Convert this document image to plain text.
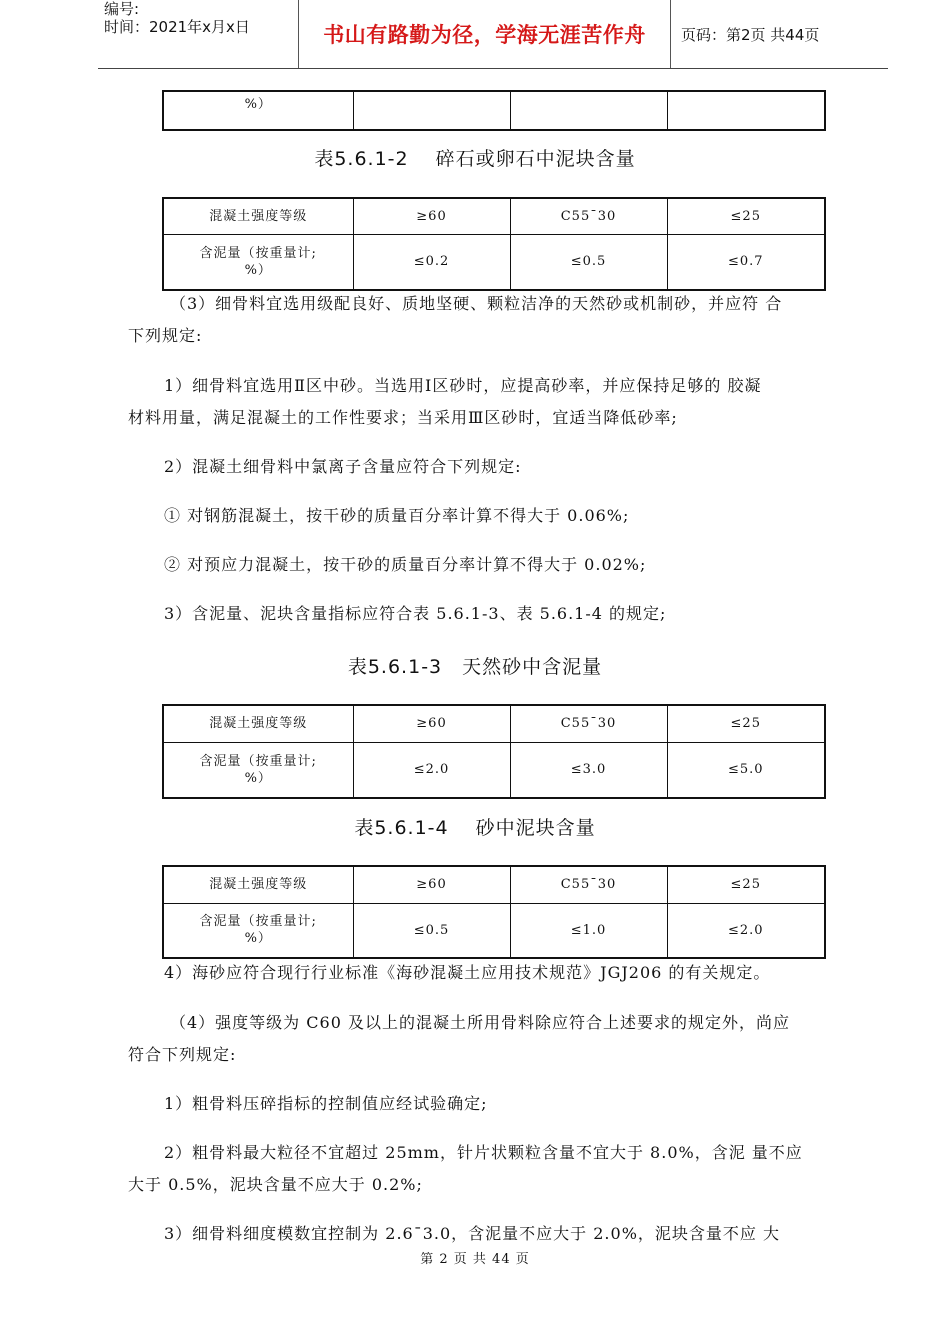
编号:
时间：2021年x月x日	书山有路勤为径，学海无涯苦作舟	页码：第2页 共44页
%）			
表5.6.1-2　 碎石或卵石中泥块含量
混凝土强度等级	≥60	C55¯30	≤25

含泥量（按重量计;
%）	≤0.2	≤0.5	≤0.7
（3）细骨料宜选用级配良好、质地坚硬、颗粒洁净的天然砂或机制砂，并应符 合
下列规定:
1）细骨料宜选用Ⅱ区中砂。当选用Ⅰ区砂时，应提高砂率，并应保持足够的 胶凝
材料用量，满足混凝土的工作性要求；当采用Ⅲ区砂时，宜适当降低砂率;
2）混凝土细骨料中氯离子含量应符合下列规定:
① 对钢筋混凝土，按干砂的质量百分率计算不得大于 0.06%;
② 对预应力混凝土，按干砂的质量百分率计算不得大于 0.02%;
3）含泥量、泥块含量指标应符合表 5.6.1-3、表 5.6.1-4 的规定;
表5.6.1-3　天然砂中含泥量
混凝土强度等级	≥60	C55¯30	≤25

含泥量（按重量计;
%）	≤2.0	≤3.0	≤5.0
表5.6.1-4　 砂中泥块含量
混凝土强度等级	≥60	C55¯30	≤25

含泥量（按重量计;
%）	≤0.5	≤1.0	≤2.0
4）海砂应符合现行行业标准《海砂混凝土应用技术规范》JGJ206 的有关规定。
（4）强度等级为 C60 及以上的混凝土所用骨料除应符合上述要求的规定外，尚应
符合下列规定:
1）粗骨料压碎指标的控制值应经试验确定;
2）粗骨料最大粒径不宜超过 25mm，针片状颗粒含量不宜大于 8.0%，含泥 量不应
大于 0.5%，泥块含量不应大于 0.2%;
3）细骨料细度模数宜控制为 2.6¯3.0，含泥量不应大于 2.0%，泥块含量不应 大
第 2 页 共 44 页
